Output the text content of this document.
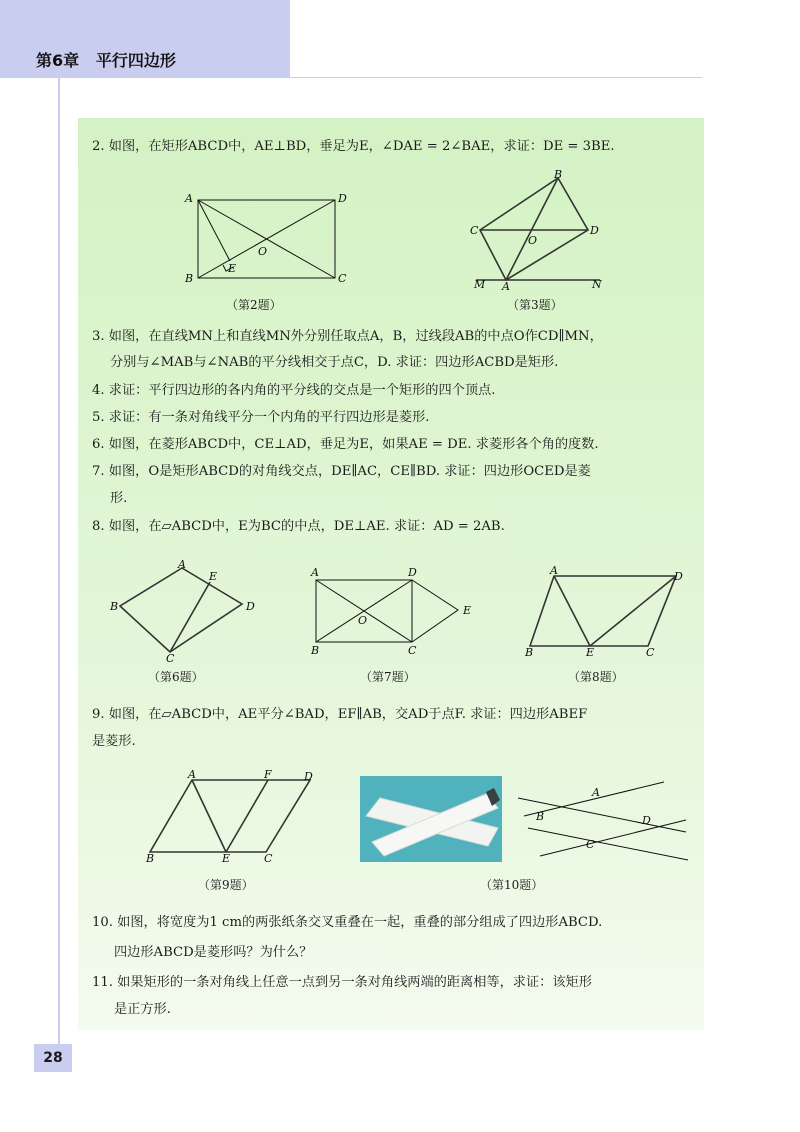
第6章 平行四边形
2. 如图，在矩形ABCD中，AE⊥BD，垂足为E，∠DAE = 2∠BAE，求证：DE = 3BE.
A	D
B	C
E
O
（第2题）
B
C	D
O
M A	N
（第3题）
3. 如图，在直线MN上和直线MN外分别任取点A，B，过线段AB的中点O作CD∥MN，
分别与∠MAB与∠NAB的平分线相交于点C，D. 求证：四边形ACBD是矩形.
4. 求证：平行四边形的各内角的平分线的交点是一个矩形的四个顶点.
5. 求证：有一条对角线平分一个内角的平行四边形是菱形.
6. 如图，在菱形ABCD中，CE⊥AD，垂足为E，如果AE = DE. 求菱形各个角的度数.
7. 如图，O是矩形ABCD的对角线交点，DE∥AC，CE∥BD. 求证：四边形OCED是菱
形.
8. 如图，在▱ABCD中，E为BC的中点，DE⊥AE. 求证：AD = 2AB.
A
B	D
C
E
（第6题）
A	D
B	C
E
O
（第7题）
A	D
B	E	C
（第8题）
9. 如图，在▱ABCD中，AE平分∠BAD，EF∥AB，交AD于点F. 求证：四边形ABEF
是菱形.
A	F	D
B	E	C
（第9题）
A
B	D
C
（第10题）
10. 如图，将宽度为1 cm的两张纸条交叉重叠在一起，重叠的部分组成了四边形ABCD.
四边形ABCD是菱形吗？为什么？
11. 如果矩形的一条对角线上任意一点到另一条对角线两端的距离相等，求证：该矩形
是正方形.
28
